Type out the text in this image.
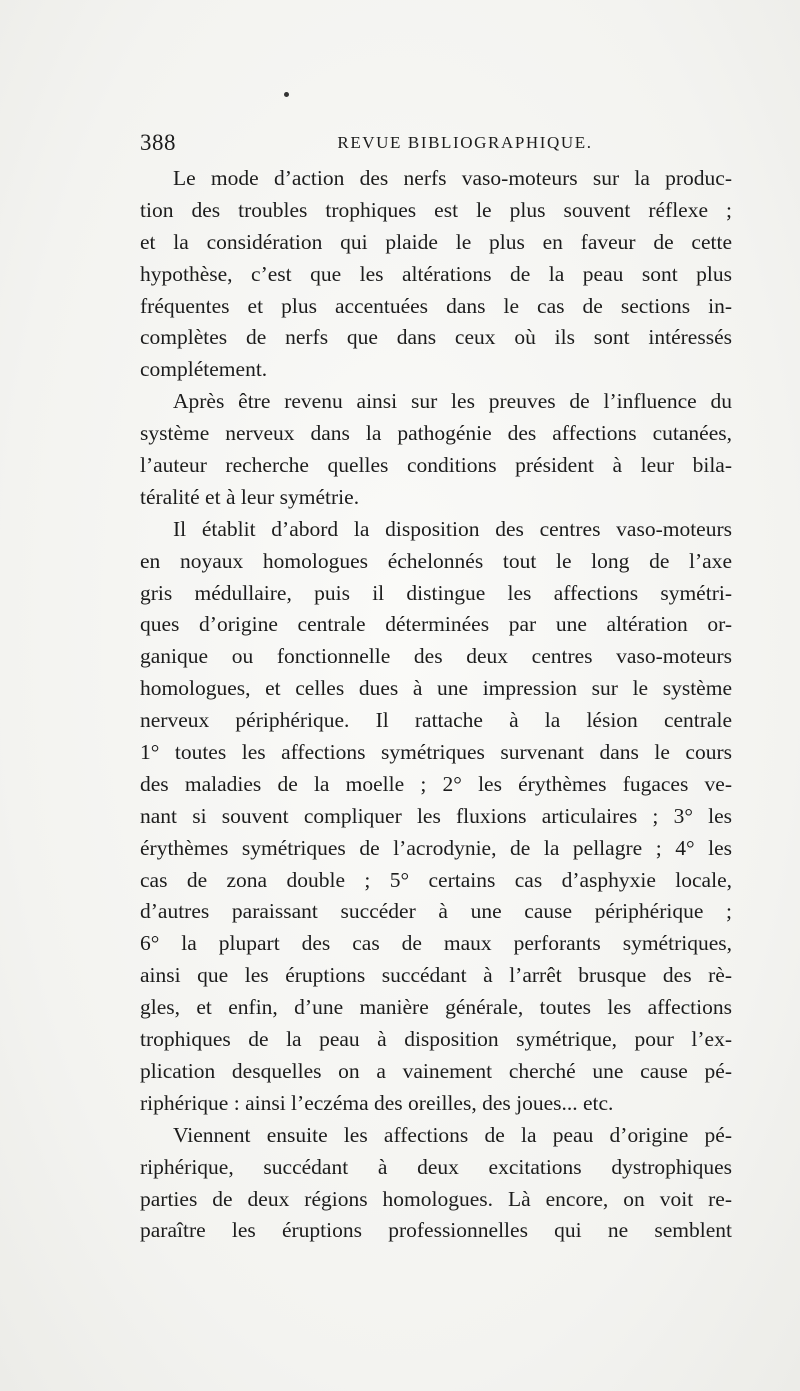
388	REVUE BIBLIOGRAPHIQUE.
Le mode d’action des nerfs vaso-moteurs sur la produc-
tion des troubles trophiques est le plus souvent réflexe ;
et la considération qui plaide le plus en faveur de cette
hypothèse, c’est que les altérations de la peau sont plus
fréquentes et plus accentuées dans le cas de sections in-
complètes de nerfs que dans ceux où ils sont intéressés
complétement.
Après être revenu ainsi sur les preuves de l’influence du
système nerveux dans la pathogénie des affections cutanées,
l’auteur recherche quelles conditions président à leur bila-
téralité et à leur symétrie.
Il établit d’abord la disposition des centres vaso-moteurs
en noyaux homologues échelonnés tout le long de l’axe
gris médullaire, puis il distingue les affections symétri-
ques d’origine centrale déterminées par une altération or-
ganique ou fonctionnelle des deux centres vaso-moteurs
homologues, et celles dues à une impression sur le système
nerveux périphérique. Il rattache à la lésion centrale
1° toutes les affections symétriques survenant dans le cours
des maladies de la moelle ; 2° les érythèmes fugaces ve-
nant si souvent compliquer les fluxions articulaires ; 3° les
érythèmes symétriques de l’acrodynie, de la pellagre ; 4° les
cas de zona double ; 5° certains cas d’asphyxie locale,
d’autres paraissant succéder à une cause périphérique ;
6° la plupart des cas de maux perforants symétriques,
ainsi que les éruptions succédant à l’arrêt brusque des rè-
gles, et enfin, d’une manière générale, toutes les affections
trophiques de la peau à disposition symétrique, pour l’ex-
plication desquelles on a vainement cherché une cause pé-
riphérique : ainsi l’eczéma des oreilles, des joues... etc.
Viennent ensuite les affections de la peau d’origine pé-
riphérique, succédant à deux excitations dystrophiques
parties de deux régions homologues. Là encore, on voit re-
paraître les éruptions professionnelles qui ne semblent
